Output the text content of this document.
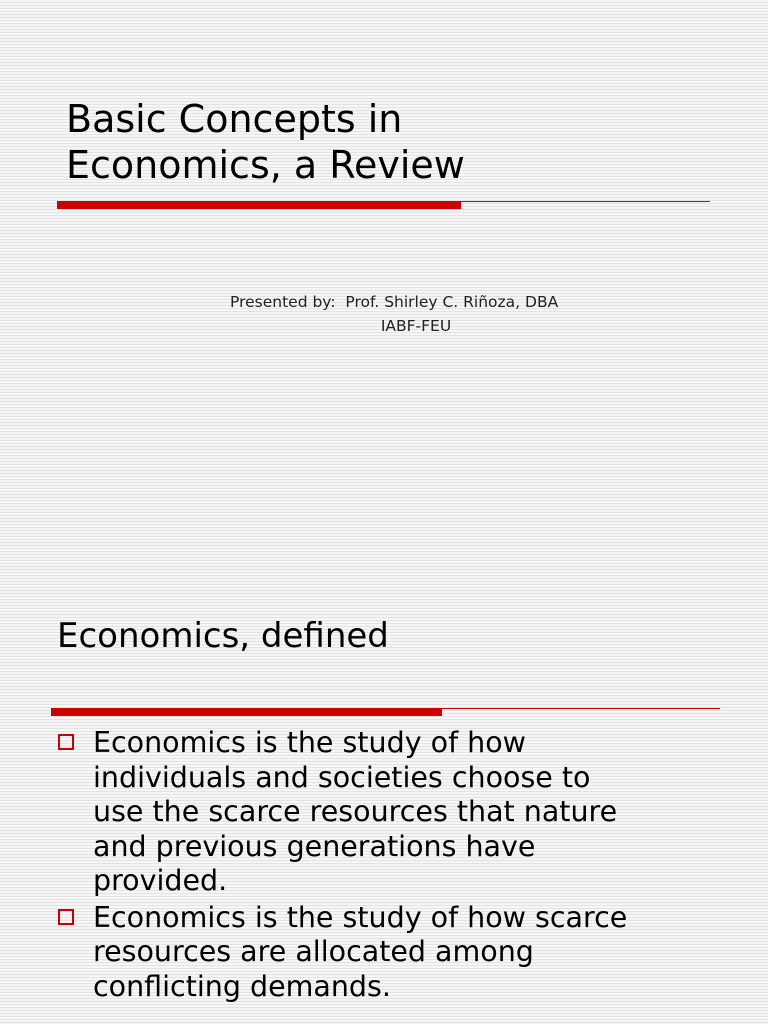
Basic Concepts in
Economics, a Review
Presented by:  Prof. Shirley C. Riñoza, DBA
IABF-FEU
Economics, defined
Economics is the study of how
individuals and societies choose to
use the scarce resources that nature
and previous generations have
provided.
Economics is the study of how scarce
resources are allocated among
conflicting demands.
